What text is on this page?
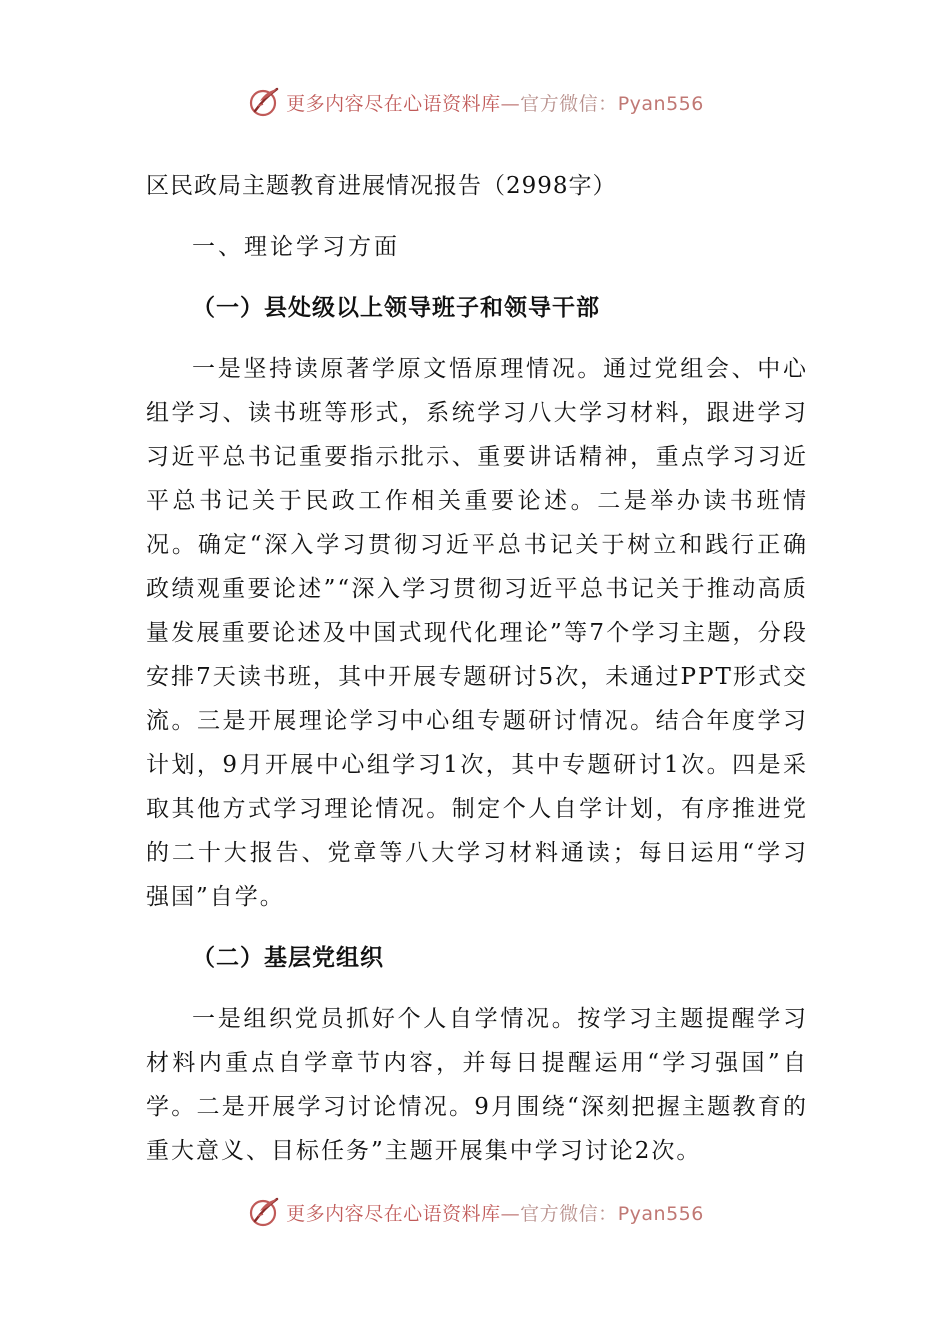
更多内容尽在心语资料库—官方微信：Pyan556
区民政局主题教育进展情况报告（2998字）
一、理论学习方面
（一）县处级以上领导班子和领导干部

一是坚持读原著学原文悟原理情况。通过党组会、中心组学习、读书班等形式，系统学习八大学习材料，跟进学习习近平总书记重要指示批示、重要讲话精神，重点学习习近平总书记关于民政工作相关重要论述。二是举办读书班情况。确定“深入学习贯彻习近平总书记关于树立和践行正确政绩观重要论述”“深入学习贯彻习近平总书记关于推动高质量发展重要论述及中国式现代化理论”等7个学习主题，分段安排7天读书班，其中开展专题研讨5次，未通过PPT形式交流。三是开展理论学习中心组专题研讨情况。结合年度学习计划，9月开展中心组学习1次，其中专题研讨1次。四是采取其他方式学习理论情况。制定个人自学计划，有序推进党的二十大报告、党章等八大学习材料通读；每日运用“学习强国”自学。

（二）基层党组织

一是组织党员抓好个人自学情况。按学习主题提醒学习材料内重点自学章节内容，并每日提醒运用“学习强国”自学。二是开展学习讨论情况。9月围绕“深刻把握主题教育的重大意义、目标任务”主题开展集中学习讨论2次。

更多内容尽在心语资料库—官方微信：Pyan556
